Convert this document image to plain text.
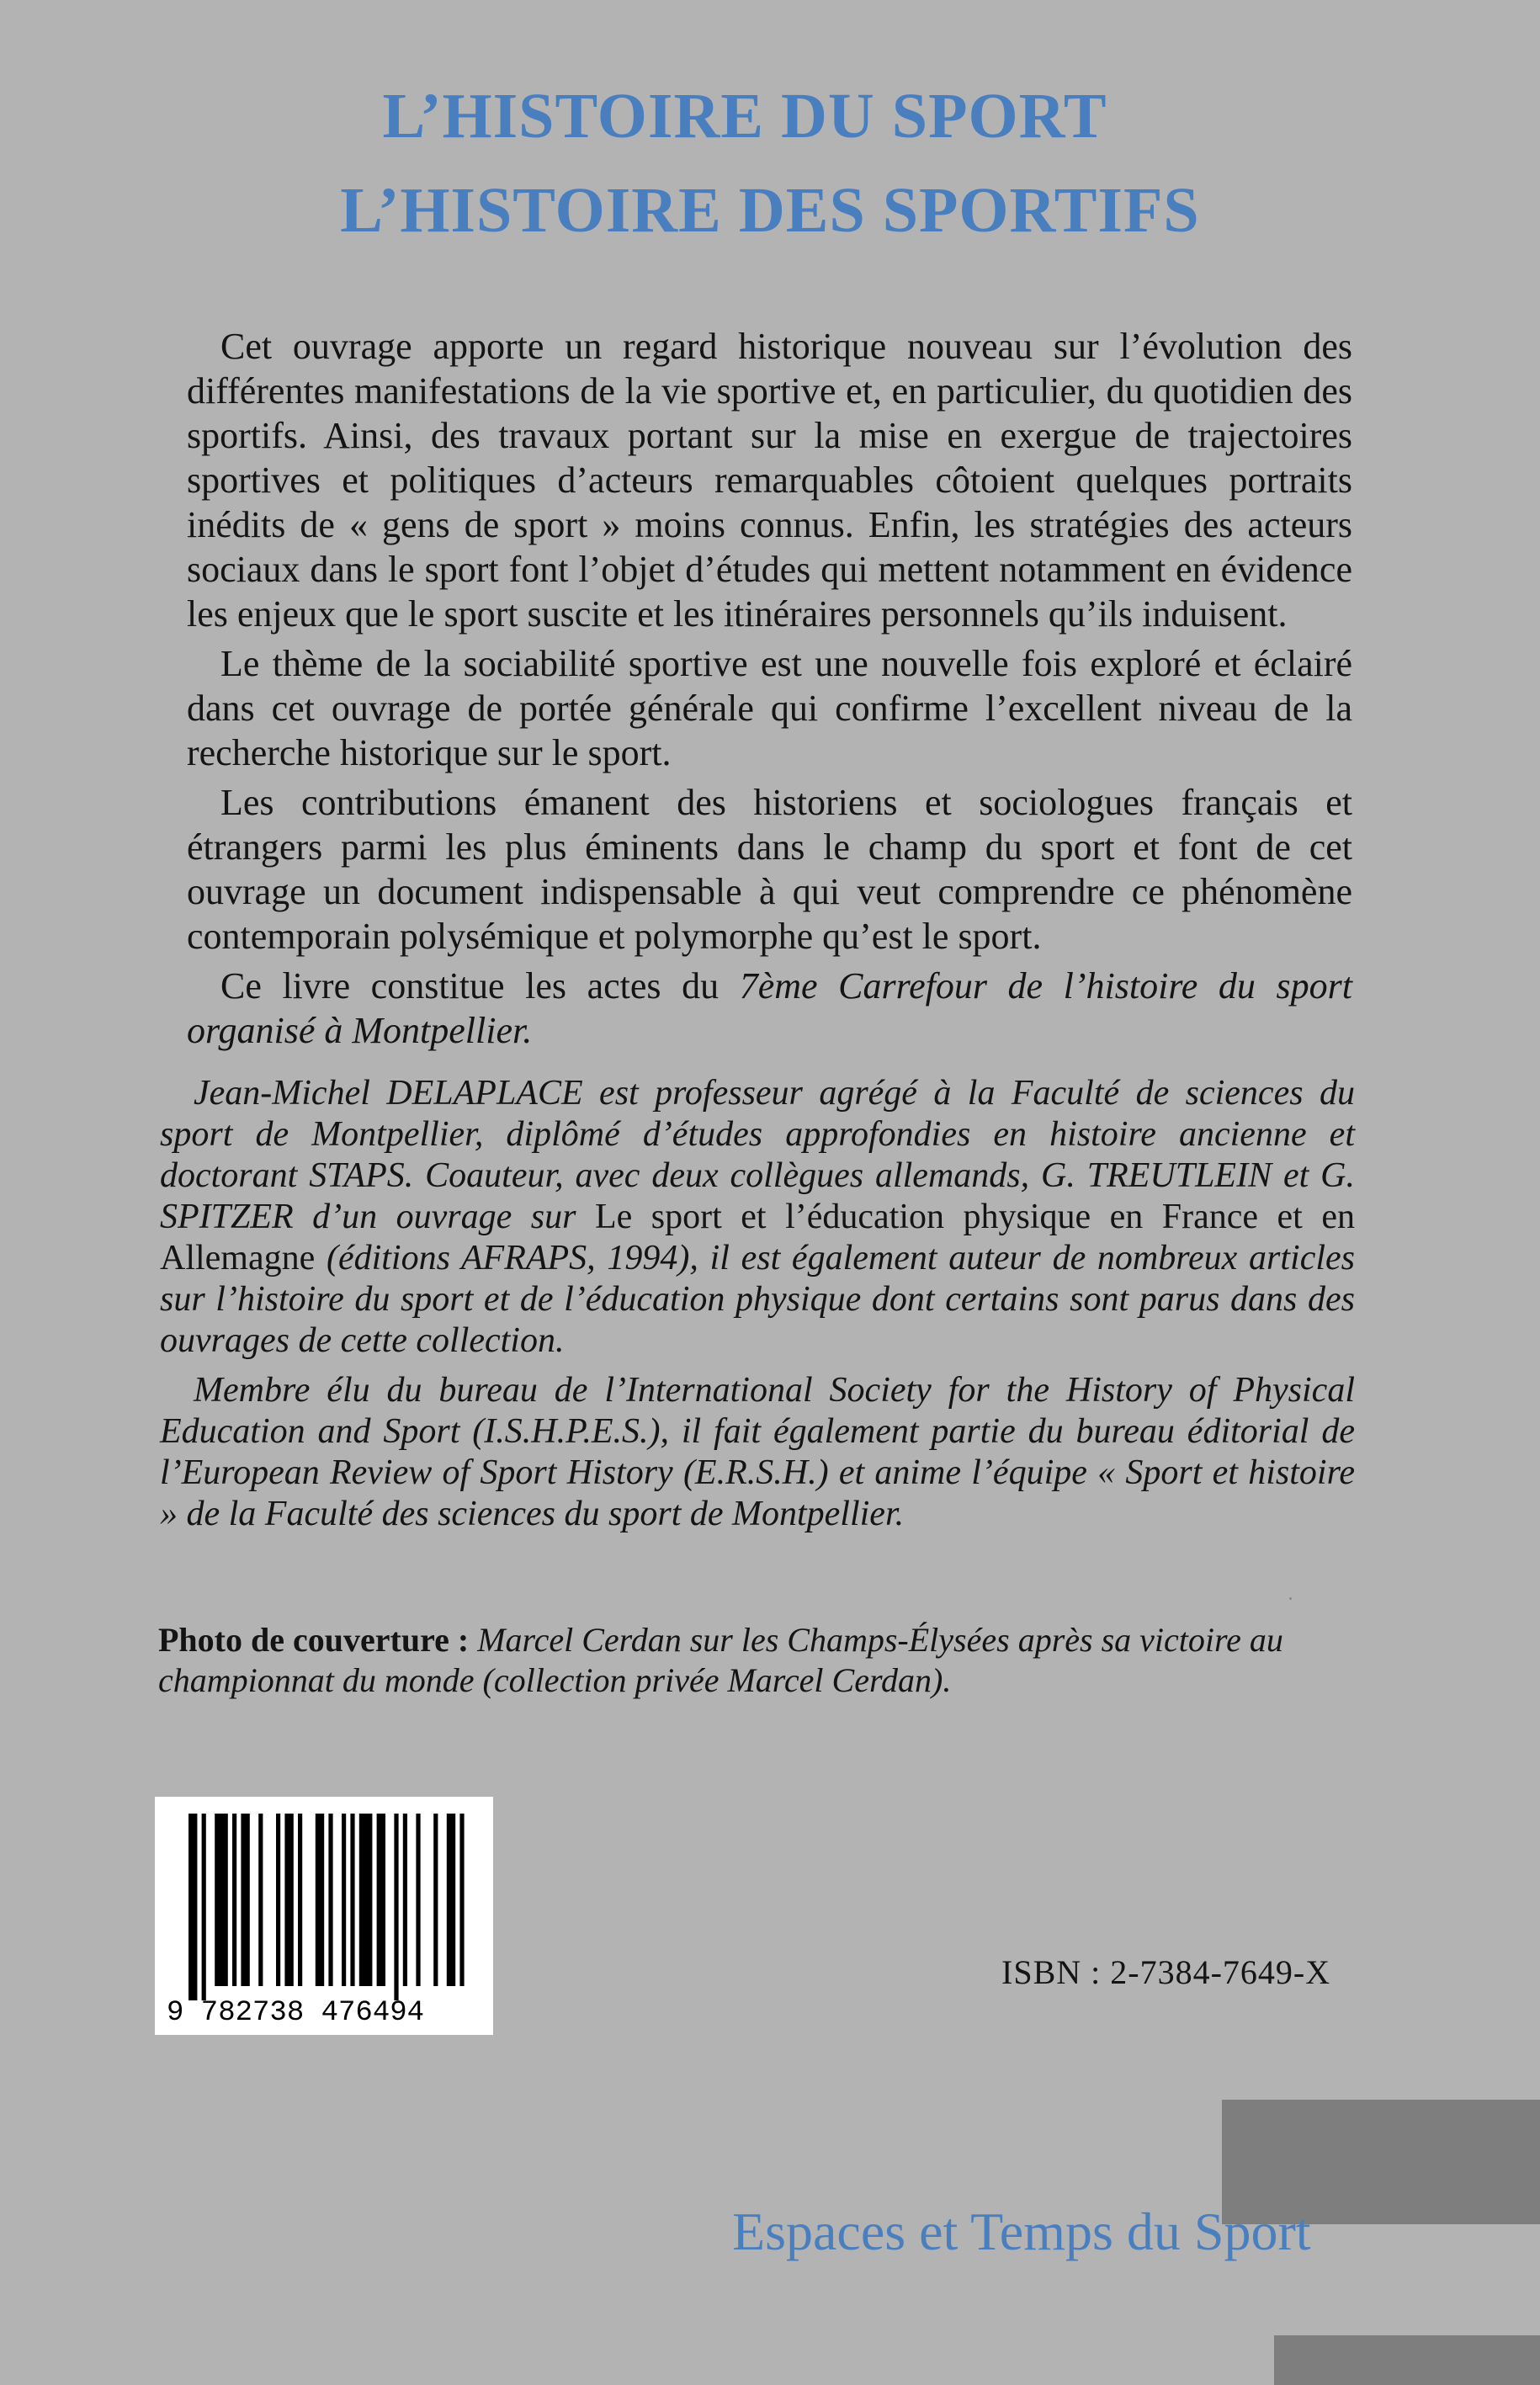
L’HISTOIRE DU SPORT
L’HISTOIRE DES SPORTIFS

Cet ouvrage apporte un regard historique nouveau sur l’évolution des différentes manifestations de la vie sportive et, en particulier, du quotidien des sportifs. Ainsi, des travaux portant sur la mise en exergue de trajectoires sportives et politiques d’acteurs remarquables côtoient quelques portraits inédits de « gens de sport » moins connus. Enfin, les stratégies des acteurs sociaux dans le sport font l’objet d’études qui mettent notamment en évidence les enjeux que le sport suscite et les itinéraires personnels qu’ils induisent.

Le thème de la sociabilité sportive est une nouvelle fois exploré et éclairé dans cet ouvrage de portée générale qui confirme l’excellent niveau de la recherche historique sur le sport.

Les contributions émanent des historiens et sociologues français et étrangers parmi les plus éminents dans le champ du sport et font de cet ouvrage un document indispensable à qui veut comprendre ce phénomène contemporain polysémique et polymorphe qu’est le sport.

Ce livre constitue les actes du 7ème Carrefour de l’histoire du sport organisé à Montpellier.

Jean-Michel DELAPLACE est professeur agrégé à la Faculté de sciences du sport de Montpellier, diplômé d’études approfondies en histoire ancienne et doctorant STAPS. Coauteur, avec deux collègues allemands, G. TREUTLEIN et G. SPITZER d’un ouvrage sur Le sport et l’éducation physique en France et en Allemagne (éditions AFRAPS, 1994), il est également auteur de nombreux articles sur l’histoire du sport et de l’éducation physique dont certains sont parus dans des ouvrages de cette collection.

Membre élu du bureau de l’International Society for the History of Physical Education and Sport (I.S.H.P.E.S.), il fait également partie du bureau éditorial de l’European Review of Sport History (E.R.S.H.) et anime l’équipe « Sport et histoire » de la Faculté des sciences du sport de Montpellier.

Photo de couverture : Marcel Cerdan sur les Champs-Élysées après sa victoire au championnat du monde (collection privée Marcel Cerdan).
9 782738 476494
ISBN : 2-7384-7649-X
Espaces et Temps du Sport
